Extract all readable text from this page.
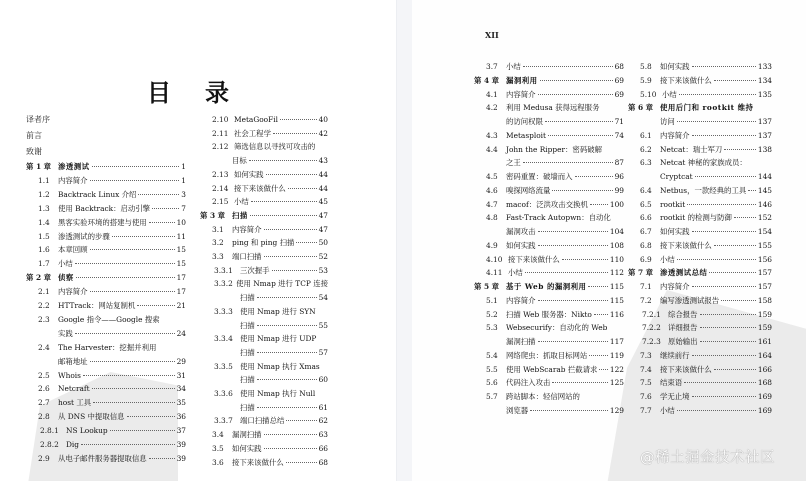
目 录
译者序
前言
致谢
第 1 章 渗透测试	1
1.1	内容简介	1
1.2	Backtrack Linux 介绍	3
1.3	使用 Backtrack：启动引擎	7
1.4	黑客实验环境的搭建与使用	10
1.5	渗透测试的步骤	11
1.6	本章回顾	15
1.7	小结	15
第 2 章 侦察	17
2.1	内容简介	17
2.2	HTTrack：网站复制机	21
2.3	Google 指令——Google 搜索
实践	24
2.4	The Harvester：挖掘并利用
邮箱地址	29
2.5	Whois	31
2.6	Netcraft	34
2.7	host 工具	35
2.8	从 DNS 中提取信息	36
2.8.1 NS Lookup	37
2.8.2 Dig	39
2.9	从电子邮件服务器提取信息	39
2.10 MetaGooFil	40
2.11 社会工程学	42
2.12 筛选信息以寻找可攻击的
目标	43
2.13 如何实践	44
2.14 接下来该做什么	44
2.15 小结	45
第 3 章 扫描	47
3.1	内容简介	47
3.2	ping 和 ping 扫描	50
3.3	端口扫描	52
3.3.1 三次握手	53
3.3.2 使用 Nmap 进行 TCP 连接
扫描	54
3.3.3 使用 Nmap 进行 SYN
扫描	55
3.3.4 使用 Nmap 进行 UDP
扫描	57
3.3.5 使用 Nmap 执行 Xmas
扫描	60
3.3.6 使用 Nmap 执行 Null
扫描	61
3.3.7 端口扫描总结	62
3.4	漏洞扫描	63
3.5	如何实践	66
3.6	接下来该做什么	68
XII
3.7	小结	68
第 4 章 漏洞利用	69
4.1	内容简介	69
4.2	利用 Medusa 获得远程服务
的访问权限	71
4.3	Metasploit	74
4.4	John the Ripper：密码破解
之王	87
4.5	密码重置：破墙而入	96
4.6	嗅探网络流量	99
4.7	macof：泛洪攻击交换机	100
4.8	Fast-Track Autopwn：自动化
漏洞攻击	104
4.9	如何实践	108
4.10 接下来该做什么	110
4.11 小结	112
第 5 章 基于 Web 的漏洞利用	115
5.1	内容简介	115
5.2	扫描 Web 服务器：Nikto 116
5.3	Websecurify：自动化的 Web
漏洞扫描	117
5.4	网络爬虫：抓取目标网站	119
5.5	使用 WebScarab 拦截请求 122
5.6	代码注入攻击	125
5.7	跨站脚本：轻信网站的
浏览器	129
5.8	如何实践	133
5.9	接下来该做什么	134
5.10 小结	135
第 6 章 使用后门和 rootkit 维持
访问	137
6.1	内容简介	137
6.2	Netcat：瑞士军刀	138
6.3	Netcat 神秘的家族成员：
Cryptcat	144
6.4	Netbus，一款经典的工具 145
6.5	rootkit	146
6.6	rootkit 的检测与防御	152
6.7	如何实践	154
6.8	接下来该做什么	155
6.9	小结	156
第 7 章 渗透测试总结	157
7.1	内容简介	157
7.2	编写渗透测试报告	158
7.2.1 综合报告	159
7.2.2 详细报告	159
7.2.3 原始输出	161
7.3	继续前行	164
7.4	接下来该做什么	166
7.5	结束语	168
7.6	学无止境	169
7.7	小结	169
@稀土掘金技术社区
